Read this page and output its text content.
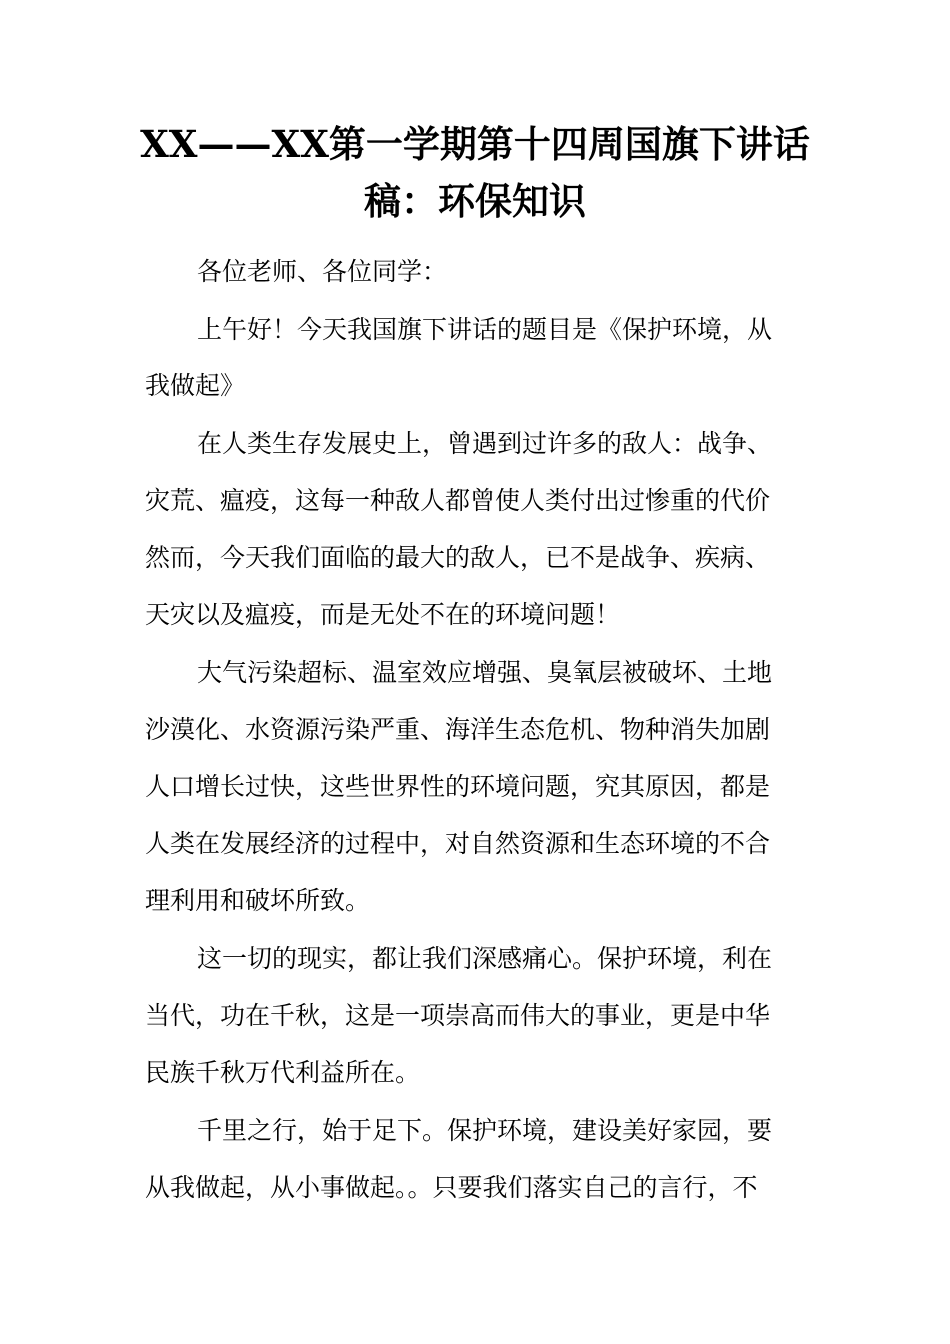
XX——XX第一学期第十四周国旗下讲话
稿：环保知识
各位老师、各位同学：
上午好！今天我国旗下讲话的题目是《保护环境，从
我做起》
在人类生存发展史上，曾遇到过许多的敌人：战争、
灾荒、瘟疫，这每一种敌人都曾使人类付出过惨重的代价
然而，今天我们面临的最大的敌人，已不是战争、疾病、
天灾以及瘟疫，而是无处不在的环境问题！
大气污染超标、温室效应增强、臭氧层被破坏、土地
沙漠化、水资源污染严重、海洋生态危机、物种消失加剧
人口增长过快，这些世界性的环境问题，究其原因，都是
人类在发展经济的过程中，对自然资源和生态环境的不合
理利用和破坏所致。
这一切的现实，都让我们深感痛心。保护环境，利在
当代，功在千秋，这是一项崇高而伟大的事业，更是中华
民族千秋万代利益所在。
千里之行，始于足下。保护环境，建设美好家园，要
从我做起，从小事做起。。只要我们落实自己的言行，不
